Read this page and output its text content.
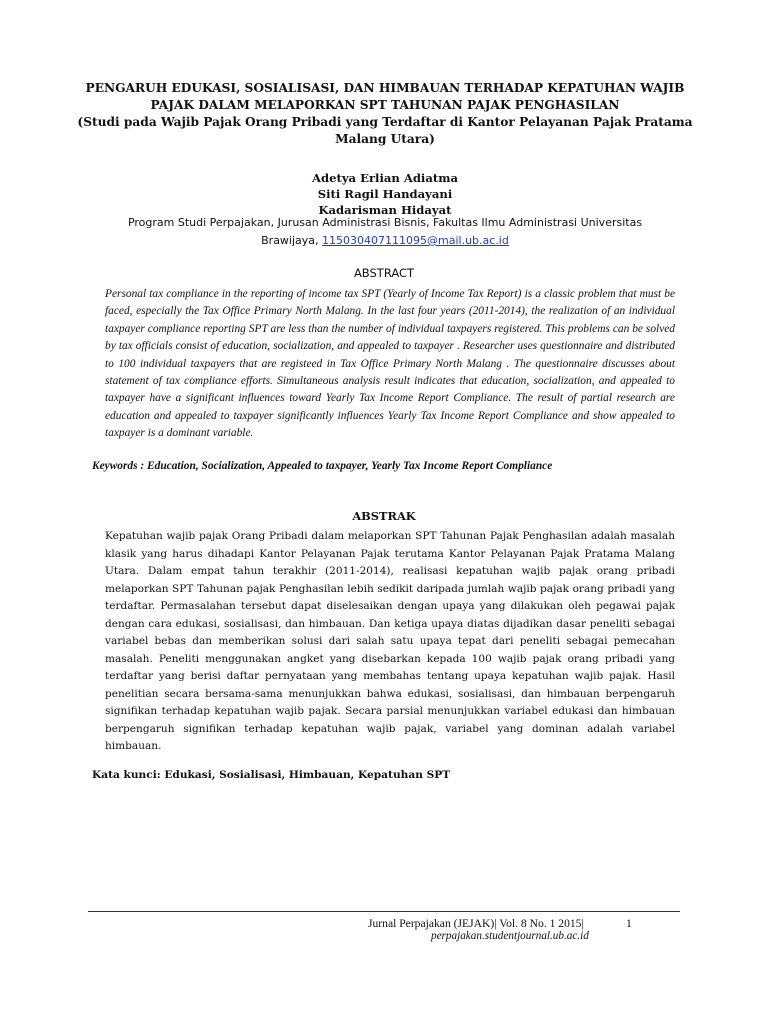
PENGARUH EDUKASI, SOSIALISASI, DAN HIMBAUAN TERHADAP KEPATUHAN WAJIB
PAJAK DALAM MELAPORKAN SPT TAHUNAN PAJAK PENGHASILAN
(Studi pada Wajib Pajak Orang Pribadi yang Terdaftar di Kantor Pelayanan Pajak Pratama
Malang Utara)
Adetya Erlian Adiatma
Siti Ragil Handayani
Kadarisman Hidayat
Program Studi Perpajakan, Jurusan Administrasi Bisnis, Fakultas Ilmu Administrasi Universitas
Brawijaya, 115030407111095@mail.ub.ac.id
ABSTRACT
Personal tax compliance in the reporting of income tax SPT (Yearly of Income Tax Report) is a classic problem that must be faced, especially the Tax Office Primary North Malang. In the last four years (2011-2014), the realization of an individual taxpayer compliance reporting SPT are less than the number of individual taxpayers registered. This problems can be solved by tax officials consist of education, socialization, and appealed to taxpayer . Researcher uses questionnaire and distributed to 100 individual taxpayers that are registeed in Tax Office Primary North Malang . The questionnaire discusses about statement of tax compliance efforts. Simultaneous analysis result indicates that education, socialization, and appealed to taxpayer have a significant influences toward Yearly Tax Income Report Compliance. The result of partial research are education and appealed to taxpayer significantly influences Yearly Tax Income Report Compliance and show appealed to taxpayer is a dominant variable.
Keywords : Education, Socialization, Appealed to taxpayer, Yearly Tax Income Report Compliance
ABSTRAK
Kepatuhan wajib pajak Orang Pribadi dalam melaporkan SPT Tahunan Pajak Penghasilan adalah masalah klasik yang harus dihadapi Kantor Pelayanan Pajak terutama Kantor Pelayanan Pajak Pratama Malang Utara. Dalam empat tahun terakhir (2011-2014), realisasi kepatuhan wajib pajak orang pribadi melaporkan SPT Tahunan pajak Penghasilan lebih sedikit daripada jumlah wajib pajak orang pribadi yang terdaftar. Permasalahan tersebut dapat diselesaikan dengan upaya yang dilakukan oleh pegawai pajak dengan cara edukasi, sosialisasi, dan himbauan. Dan ketiga upaya diatas dijadikan dasar peneliti sebagai variabel bebas dan memberikan solusi dari salah satu upaya tepat dari peneliti sebagai pemecahan masalah. Peneliti menggunakan angket yang disebarkan kepada 100 wajib pajak orang pribadi yang terdaftar yang berisi daftar pernyataan yang membahas tentang upaya kepatuhan wajib pajak. Hasil penelitian secara bersama-sama menunjukkan bahwa edukasi, sosialisasi, dan himbauan berpengaruh signifikan terhadap kepatuhan wajib pajak. Secara parsial menunjukkan variabel edukasi dan himbauan berpengaruh signifikan terhadap kepatuhan wajib pajak, variabel yang dominan adalah variabel himbauan.
Kata kunci: Edukasi, Sosialisasi, Himbauan, Kepatuhan SPT
Jurnal Perpajakan (JEJAK)| Vol. 8 No. 1 2015|	1
perpajakan.studentjournal.ub.ac.id
